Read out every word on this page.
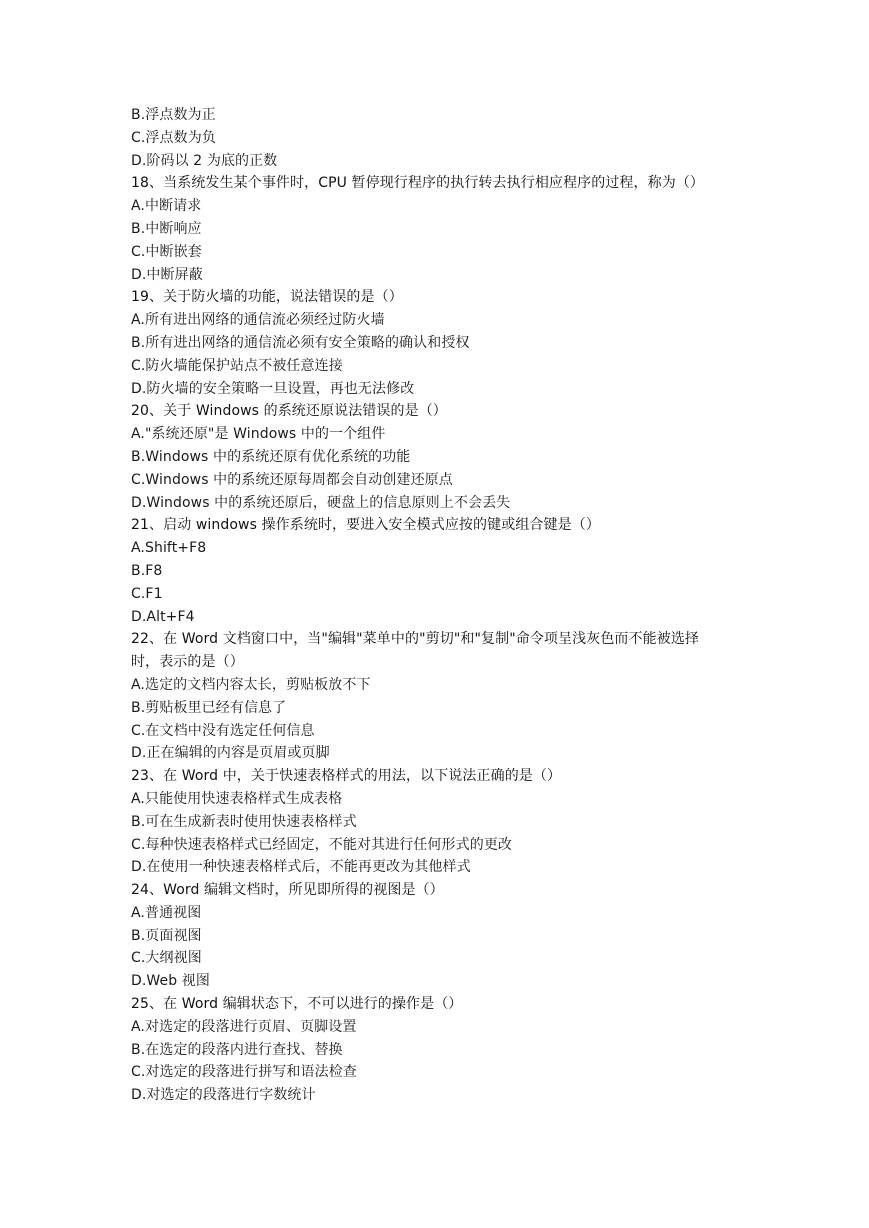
B.浮点数为正
C.浮点数为负
D.阶码以 2 为底的正数
18、当系统发生某个事件时，CPU 暂停现行程序的执行转去执行相应程序的过程，称为（）
A.中断请求
B.中断响应
C.中断嵌套
D.中断屏蔽
19、关于防火墙的功能，说法错误的是（）
A.所有进出网络的通信流必须经过防火墙
B.所有进出网络的通信流必须有安全策略的确认和授权
C.防火墙能保护站点不被任意连接
D.防火墙的安全策略一旦设置，再也无法修改
20、关于 Windows 的系统还原说法错误的是（）
A."系统还原"是 Windows 中的一个组件
B.Windows 中的系统还原有优化系统的功能
C.Windows 中的系统还原每周都会自动创建还原点
D.Windows 中的系统还原后，硬盘上的信息原则上不会丢失
21、启动 windows 操作系统时，要进入安全模式应按的键或组合键是（）
A.Shift+F8
B.F8
C.F1
D.Alt+F4
22、在 Word 文档窗口中，当"编辑"菜单中的"剪切"和"复制"命令项呈浅灰色而不能被选择
时，表示的是（）
A.选定的文档内容太长，剪贴板放不下
B.剪贴板里已经有信息了
C.在文档中没有选定任何信息
D.正在编辑的内容是页眉或页脚
23、在 Word 中，关于快速表格样式的用法，以下说法正确的是（）
A.只能使用快速表格样式生成表格
B.可在生成新表时使用快速表格样式
C.每种快速表格样式已经固定，不能对其进行任何形式的更改
D.在使用一种快速表格样式后，不能再更改为其他样式
24、Word 编辑文档时，所见即所得的视图是（）
A.普通视图
B.页面视图
C.大纲视图
D.Web 视图
25、在 Word 编辑状态下，不可以进行的操作是（）
A.对选定的段落进行页眉、页脚设置
B.在选定的段落内进行查找、替换
C.对选定的段落进行拼写和语法检查
D.对选定的段落进行字数统计
